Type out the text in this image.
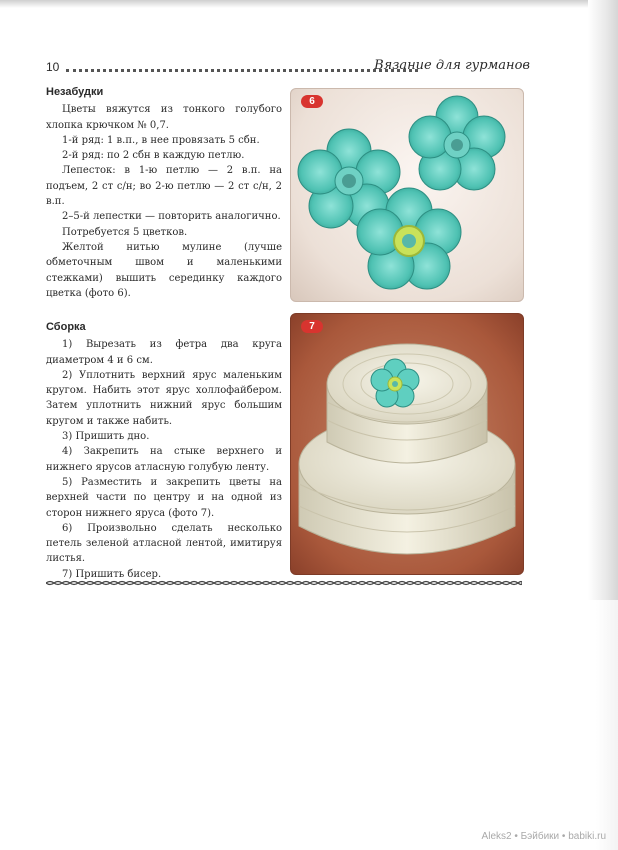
10	Вязание для гурманов
Незабудки

Цветы вяжутся из тонкого голубого хлопка крючком № 0,7.

1-й ряд: 1 в.п., в нее провязать 5 сбн.

2-й ряд: по 2 сбн в каждую петлю.

Лепесток: в 1-ю петлю — 2 в.п. на подъем, 2 ст с/н; во 2-ю петлю — 2 ст с/н, 2 в.п.

2–5-й лепестки — повторить аналогично.

Потребуется 5 цветков.

Желтой нитью мулине (лучше обметочным швом и маленькими стежками) вышить серединку каждого цветка (фото 6).

Сборка

1) Вырезать из фетра два круга диаметром 4 и 6 см.

2) Уплотнить верхний ярус маленьким кругом. Набить этот ярус холлофайбером. Затем уплотнить нижний ярус большим кругом и также набить.

3) Пришить дно.

4) Закрепить на стыке верхнего и нижнего ярусов атласную голубую ленту.

5) Разместить и закрепить цветы на верхней части по центру и на одной из сторон нижнего яруса (фото 7).

6) Произвольно сделать несколько петель зеленой атласной лентой, имитируя листья.

7) Пришить бисер.

6
7
Aleks2 • Бэйбики • babiki.ru
